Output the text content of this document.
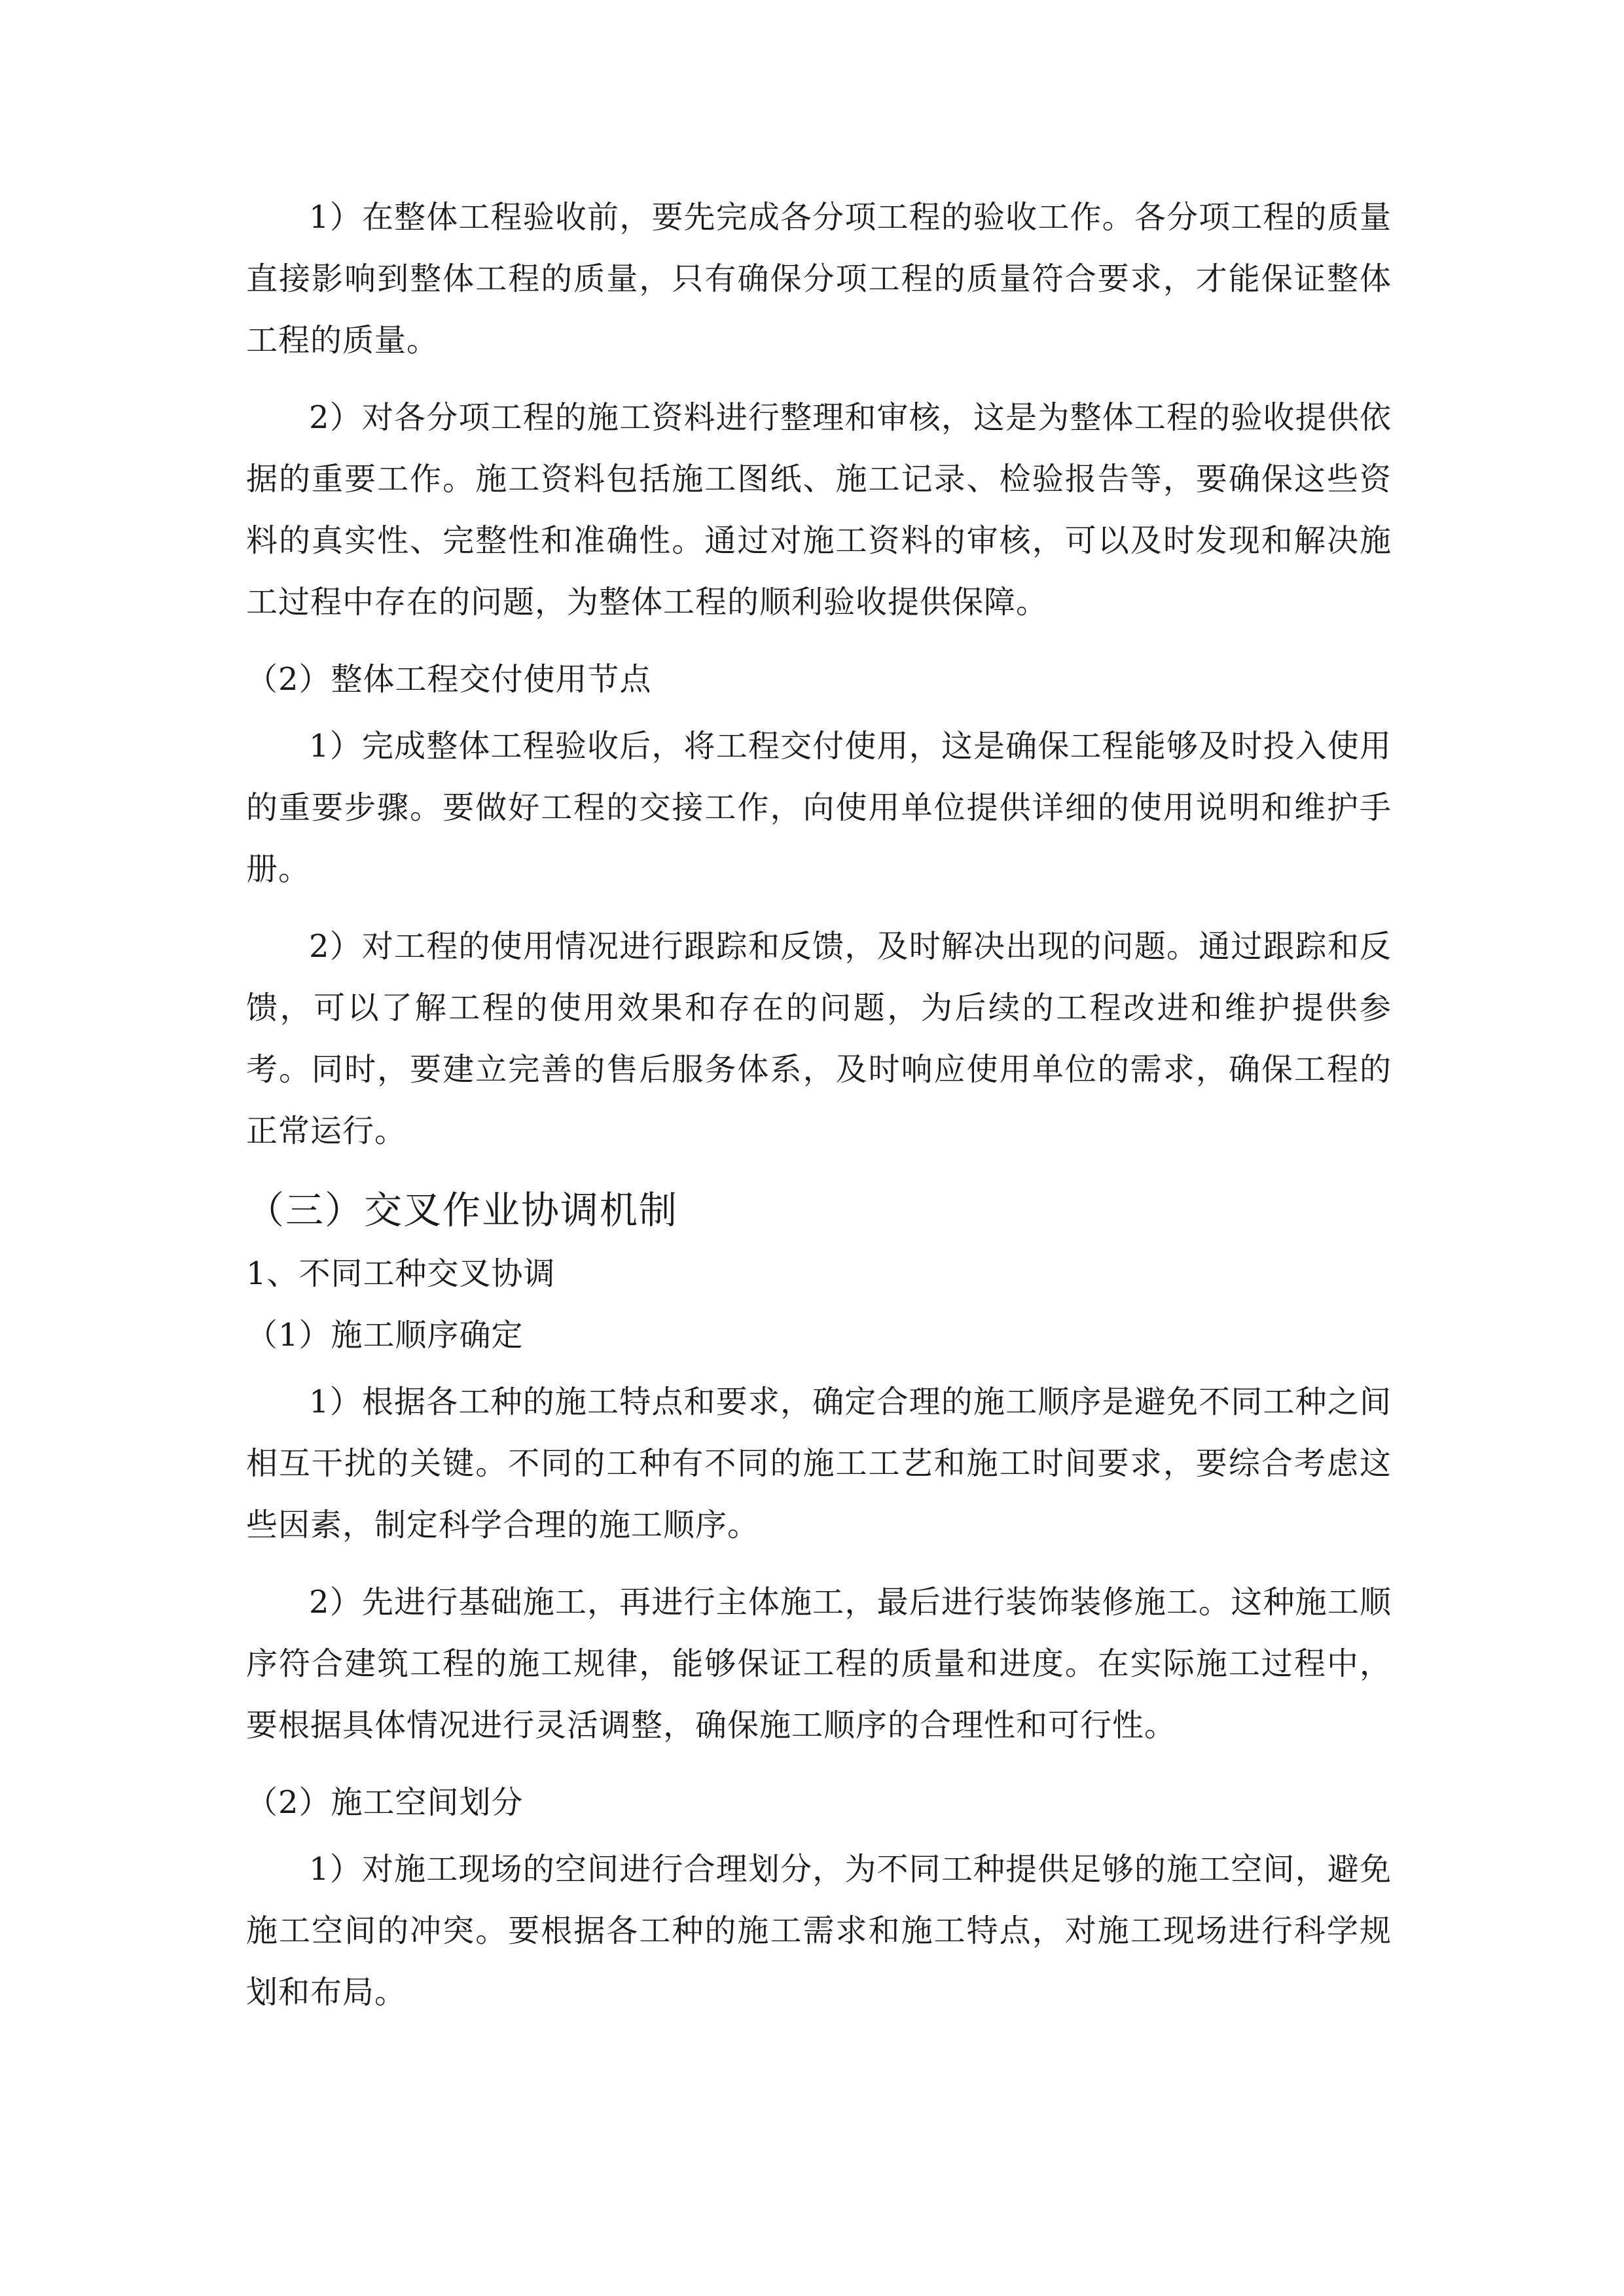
1）在整体工程验收前，要先完成各分项工程的验收工作。各分项工程的质量直接影响到整体工程的质量，只有确保分项工程的质量符合要求，才能保证整体工程的质量。

2）对各分项工程的施工资料进行整理和审核，这是为整体工程的验收提供依据的重要工作。施工资料包括施工图纸、施工记录、检验报告等，要确保这些资料的真实性、完整性和准确性。通过对施工资料的审核，可以及时发现和解决施工过程中存在的问题，为整体工程的顺利验收提供保障。

（2）整体工程交付使用节点

1）完成整体工程验收后，将工程交付使用，这是确保工程能够及时投入使用的重要步骤。要做好工程的交接工作，向使用单位提供详细的使用说明和维护手册。

2）对工程的使用情况进行跟踪和反馈，及时解决出现的问题。通过跟踪和反馈，可以了解工程的使用效果和存在的问题，为后续的工程改进和维护提供参考。同时，要建立完善的售后服务体系，及时响应使用单位的需求，确保工程的正常运行。

（三）交叉作业协调机制

1、不同工种交叉协调

（1）施工顺序确定

1）根据各工种的施工特点和要求，确定合理的施工顺序是避免不同工种之间相互干扰的关键。不同的工种有不同的施工工艺和施工时间要求，要综合考虑这些因素，制定科学合理的施工顺序。

2）先进行基础施工，再进行主体施工，最后进行装饰装修施工。这种施工顺序符合建筑工程的施工规律，能够保证工程的质量和进度。在实际施工过程中，要根据具体情况进行灵活调整，确保施工顺序的合理性和可行性。

（2）施工空间划分

1）对施工现场的空间进行合理划分，为不同工种提供足够的施工空间，避免施工空间的冲突。要根据各工种的施工需求和施工特点，对施工现场进行科学规划和布局。
